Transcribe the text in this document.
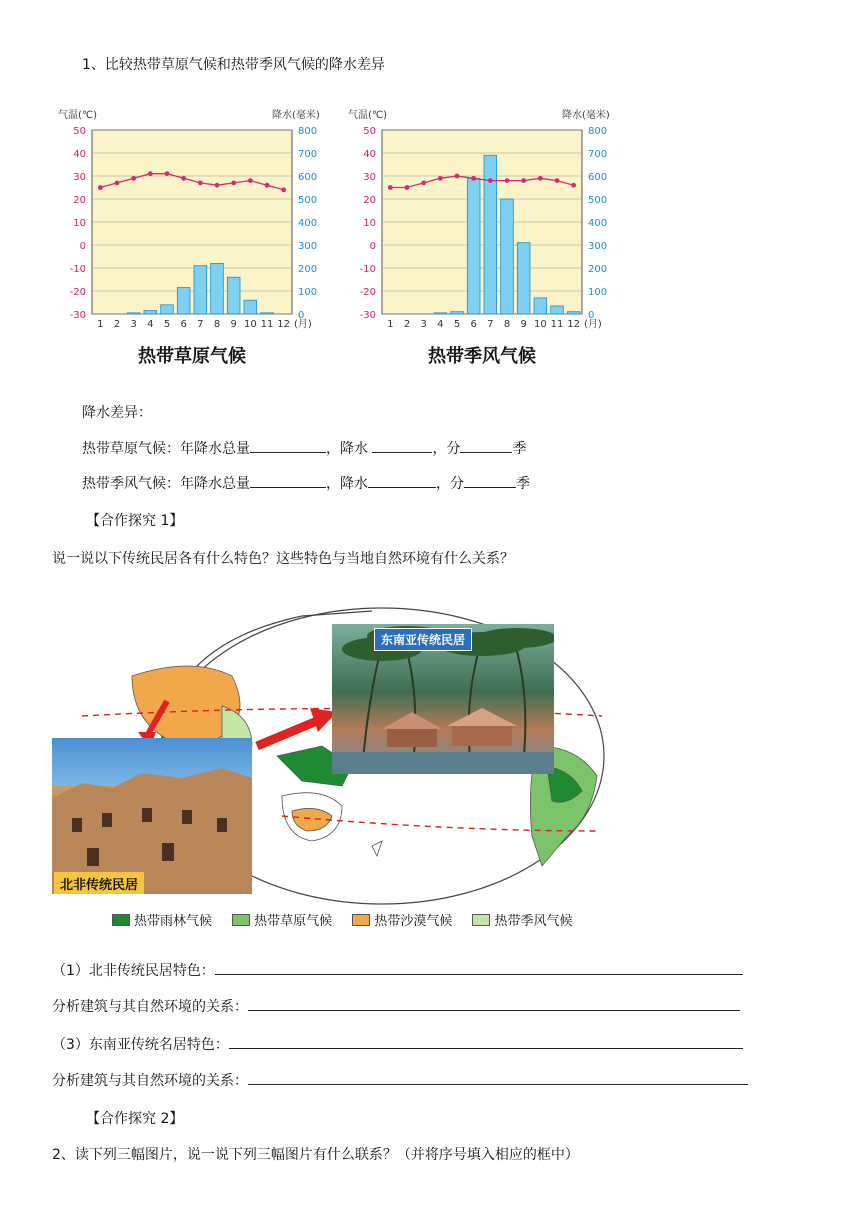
1、比较热带草原气候和热带季风气候的降水差异
50	800
40	700
30	600
20	500
10	400
0	300
-10	200
-20	100
-30	0
气温(℃)	降水(毫米)
1 2 3 4 5 6 7 8 9 10 11 12 (月)
热带草原气候
50	800
40	700
30	600
20	500
10	400
0	300
-10	200
-20	100
-30	0
气温(℃)	降水(毫米)
1 2 3 4 5 6 7 8 9 10 11 12 (月)
热带季风气候
降水差异：
热带草原气候：年降水总量	，降水	，分	季
热带季风气候：年降水总量	，降水	，分	季
【合作探究 1】
说一说以下传统民居各有什么特色？这些特色与当地自然环境有什么关系？
东南亚传统民居
北非传统民居
热带雨林气候
	热带草原气候
	热带沙漠气候
	热带季风气候
（1）北非传统民居特色：
分析建筑与其自然环境的关系：
（3）东南亚传统名居特色：
分析建筑与其自然环境的关系：
【合作探究 2】
2、读下列三幅图片，说一说下列三幅图片有什么联系？（并将序号填入相应的框中）
